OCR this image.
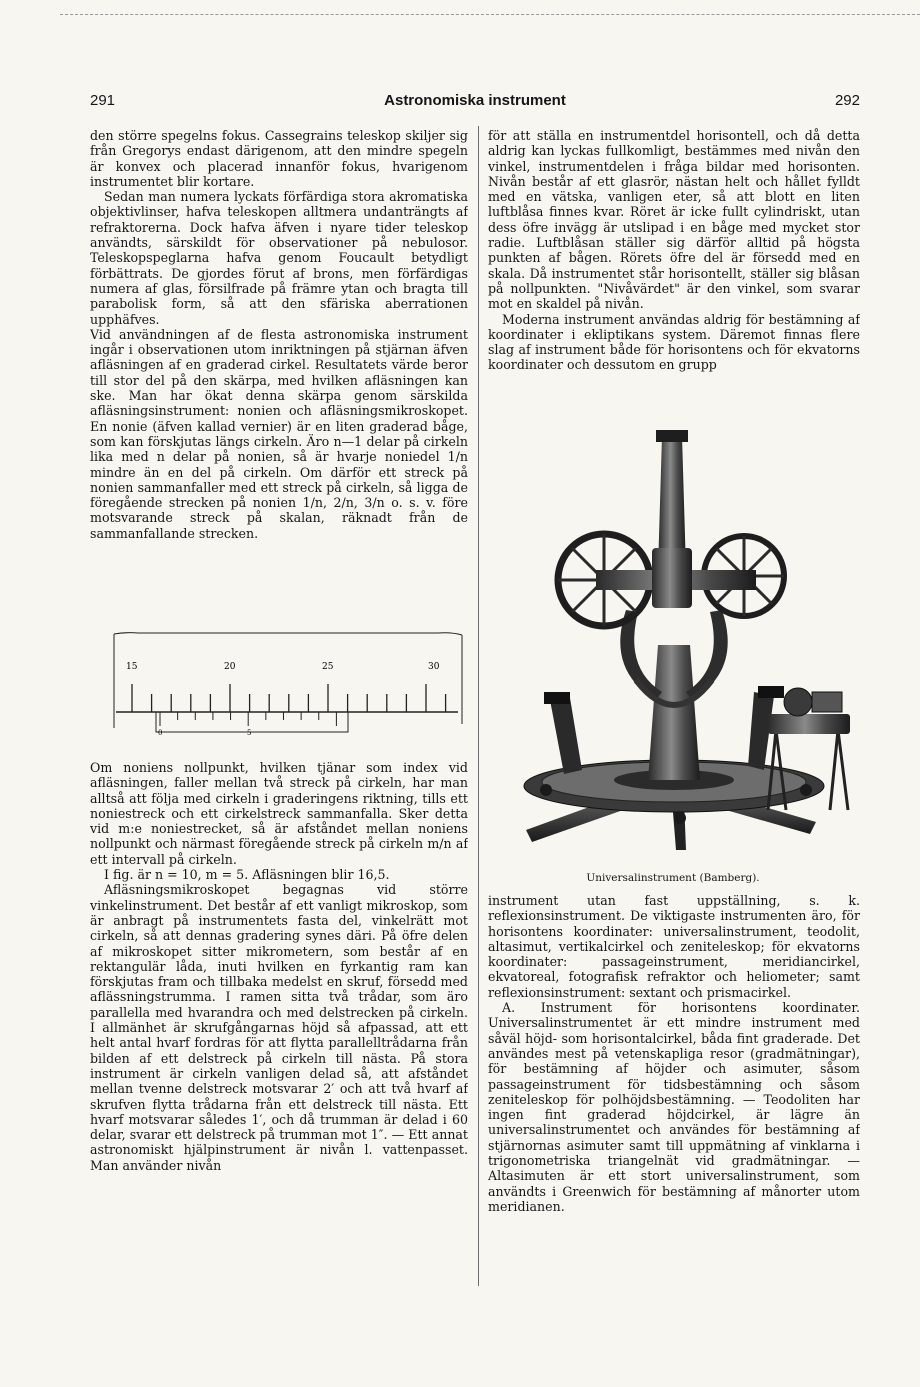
291	Astronomiska instrument	292

den större spegelns fokus. Cassegrains teleskop skiljer sig från Gregorys endast därigenom, att den mindre spegeln är konvex och placerad innanför fokus, hvarigenom instrumentet blir kortare.

Sedan man numera lyckats förfärdiga stora akromatiska objektivlinser, hafva teleskopen alltmera undanträngts af refraktorerna. Dock hafva äfven i nyare tider teleskop användts, särskildt för observationer på nebulosor. Teleskopspeglarna hafva genom Foucault betydligt förbättrats. De gjordes förut af brons, men förfärdigas numera af glas, försilfrade på främre ytan och bragta till parabolisk form, så att den sfäriska aberrationen upphäfves.

Vid användningen af de flesta astronomiska instrument ingår i observationen utom inriktningen på stjärnan äfven afläsningen af en graderad cirkel. Resultatets värde beror till stor del på den skärpa, med hvilken afläsningen kan ske. Man har ökat denna skärpa genom särskilda afläsningsinstrument: nonien och afläsningsmikroskopet. En nonie (äfven kallad vernier) är en liten graderad båge, som kan förskjutas längs cirkeln. Äro n—1 delar på cirkeln lika med n delar på nonien, så är hvarje noniedel 1/n mindre än en del på cirkeln. Om därför ett streck på nonien sammanfaller med ett streck på cirkeln, så ligga de föregående strecken på nonien 1/n, 2/n, 3/n o. s. v. före motsvarande streck på skalan, räknadt från de sammanfallande strecken.

15	20	25	30
0	5

Om noniens nollpunkt, hvilken tjänar som index vid afläsningen, faller mellan två streck på cirkeln, har man alltså att följa med cirkeln i graderingens riktning, tills ett noniestreck och ett cirkelstreck sammanfalla. Sker detta vid m:e noniestrecket, så är afståndet mellan noniens nollpunkt och närmast föregående streck på cirkeln m/n af ett intervall på cirkeln.

I fig. är n = 10, m = 5. Afläsningen blir 16,5.

Afläsningsmikroskopet begagnas vid större vinkelinstrument. Det består af ett vanligt mikroskop, som är anbragt på instrumentets fasta del, vinkelrätt mot cirkeln, så att dennas gradering synes däri. På öfre delen af mikroskopet sitter mikrometern, som består af en rektangulär låda, inuti hvilken en fyrkantig ram kan förskjutas fram och tillbaka medelst en skruf, försedd med aflässningstrumma. I ramen sitta två trådar, som äro parallella med hvarandra och med delstrecken på cirkeln. I allmänhet är skrufgångarnas höjd så afpassad, att ett helt antal hvarf fordras för att flytta parallelltrådarna från bilden af ett delstreck på cirkeln till nästa. På stora instrument är cirkeln vanligen delad så, att afståndet mellan tvenne delstreck motsvarar 2′ och att två hvarf af skrufven flytta trådarna från ett delstreck till nästa. Ett hvarf motsvarar således 1′, och då trumman är delad i 60 delar, svarar ett delstreck på trumman mot 1″. — Ett annat astronomiskt hjälpinstrument är nivån l. vattenpasset. Man använder nivån

för att ställa en instrumentdel horisontell, och då detta aldrig kan lyckas fullkomligt, bestämmes med nivån den vinkel, instrumentdelen i fråga bildar med horisonten. Nivån består af ett glasrör, nästan helt och hållet fylldt med en vätska, vanligen eter, så att blott en liten luftblåsa finnes kvar. Röret är icke fullt cylindriskt, utan dess öfre invägg är utslipad i en båge med mycket stor radie. Luftblåsan ställer sig därför alltid på högsta punkten af bågen. Rörets öfre del är försedd med en skala. Då instrumentet står horisontellt, ställer sig blåsan på nollpunkten. "Nivåvärdet" är den vinkel, som svarar mot en skaldel på nivån.

Moderna instrument användas aldrig för bestämning af koordinater i ekliptikans system. Däremot finnas flere slag af instrument både för horisontens och för ekvatorns koordinater och dessutom en grupp

Universalinstrument (Bamberg).

instrument utan fast uppställning, s. k. reflexionsinstrument. De viktigaste instrumenten äro, för horisontens koordinater: universalinstrument, teodolit, altasimut, vertikalcirkel och zeniteleskop; för ekvatorns koordinater: passageinstrument, meridiancirkel, ekvatoreal, fotografisk refraktor och heliometer; samt reflexionsinstrument: sextant och prismacirkel.

A. Instrument för horisontens koordinater. Universalinstrumentet är ett mindre instrument med såväl höjd- som horisontalcirkel, båda fint graderade. Det användes mest på vetenskapliga resor (gradmätningar), för bestämning af höjder och asimuter, såsom passageinstrument för tidsbestämning och såsom zeniteleskop för polhöjdsbestämning. — Teodoliten har ingen fint graderad höjdcirkel, är lägre än universalinstrumentet och användes för bestämning af stjärnornas asimuter samt till uppmätning af vinklarna i trigonometriska triangelnät vid gradmätningar. — Altasimuten är ett stort universalinstrument, som användts i Greenwich för bestämning af månorter utom meridianen.
